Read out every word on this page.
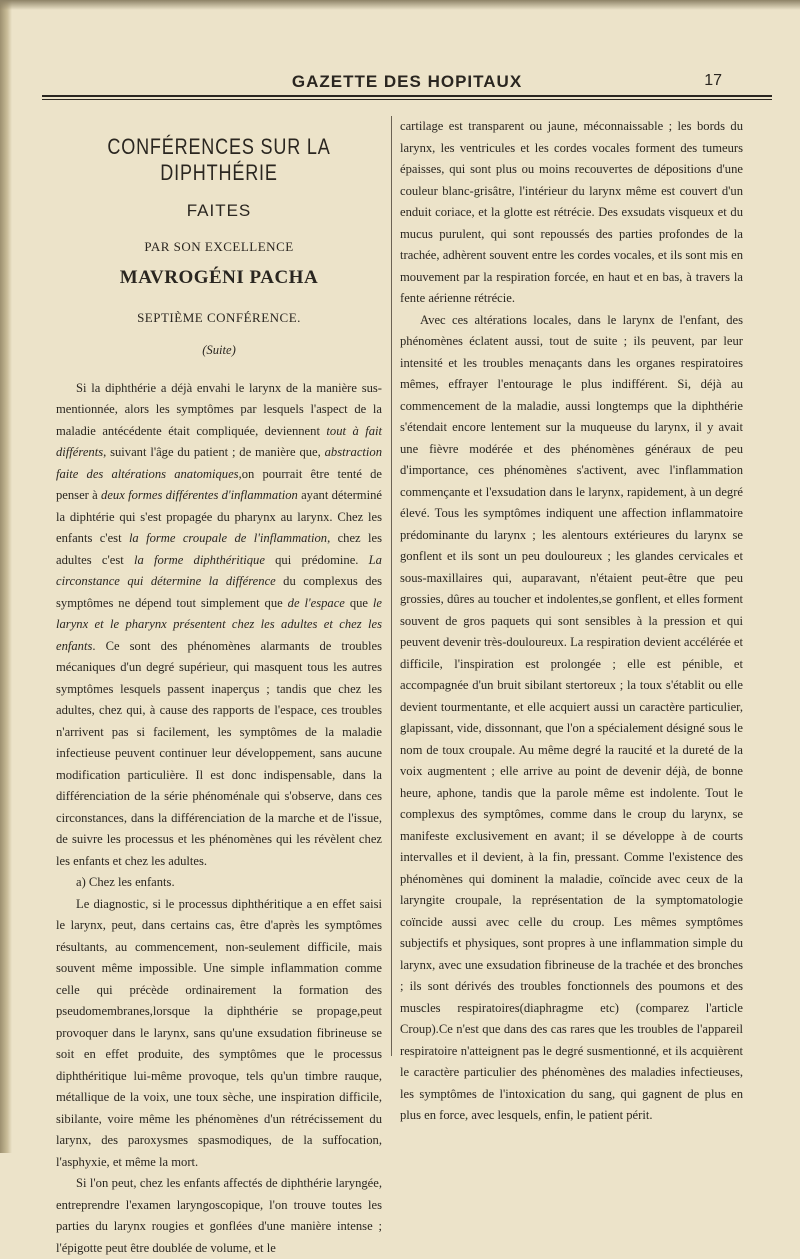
GAZETTE DES HOPITAUX	17
CONFÉRENCES SUR LA DIPHTHÉRIE
FAITES
PAR SON EXCELLENCE
MAVROGÉNI PACHA
SEPTIÈME CONFÉRENCE.
(Suite)

Si la diphthérie a déjà envahi le larynx de la manière sus-mentionnée, alors les symptômes par lesquels l'aspect de la maladie antécédente était compliquée, deviennent tout à fait différents, suivant l'âge du patient ; de manière que, abstraction faite des altérations anatomiques,on pourrait être tenté de penser à deux formes différentes d'inflammation ayant déterminé la diphtérie qui s'est propagée du pharynx au larynx. Chez les enfants c'est la forme croupale de l'inflammation, chez les adultes c'est la forme diphthéritique qui prédomine. La circonstance qui détermine la différence du complexus des symptômes ne dépend tout simplement que de l'espace que le larynx et le pharynx présentent chez les adultes et chez les enfants. Ce sont des phénomènes alarmants de troubles mécaniques d'un degré supérieur, qui masquent tous les autres symptômes lesquels passent inaperçus ; tandis que chez les adultes, chez qui, à cause des rapports de l'espace, ces troubles n'arrivent pas si facilement, les symptômes de la maladie infectieuse peuvent continuer leur développement, sans aucune modification particulière. Il est donc indispensable, dans la différenciation de la série phénoménale qui s'observe, dans ces circonstances, dans la différenciation de la marche et de l'issue, de suivre les processus et les phénomènes qui les révèlent chez les enfants et chez les adultes.

a) Chez les enfants.

Le diagnostic, si le processus diphthéritique a en effet saisi le larynx, peut, dans certains cas, être d'après les symptômes résultants, au commencement, non-seulement difficile, mais souvent même impossible. Une simple inflammation comme celle qui précède ordinairement la formation des pseudomembranes,lorsque la diphthérie se propage,peut provoquer dans le larynx, sans qu'une exsudation fibrineuse se soit en effet produite, des symptômes que le processus diphthéritique lui-même provoque, tels qu'un timbre rauque, métallique de la voix, une toux sèche, une inspiration difficile, sibilante, voire même les phénomènes d'un rétrécissement du larynx, des paroxysmes spasmodiques, de la suffocation, l'asphyxie, et même la mort.

Si l'on peut, chez les enfants affectés de diphthérie laryngée, entreprendre l'examen laryngoscopique, l'on trouve toutes les parties du larynx rougies et gonflées d'une manière intense ; l'épigotte peut être doublée de volume, et le

cartilage est transparent ou jaune, méconnaissable ; les bords du larynx, les ventricules et les cordes vocales forment des tumeurs épaisses, qui sont plus ou moins recouvertes de dépositions d'une couleur blanc-grisâtre, l'intérieur du larynx même est couvert d'un enduit coriace, et la glotte est rétrécie. Des exsudats visqueux et du mucus purulent, qui sont repoussés des parties profondes de la trachée, adhèrent souvent entre les cordes vocales, et ils sont mis en mouvement par la respiration forcée, en haut et en bas, à travers la fente aérienne rétrécie.

Avec ces altérations locales, dans le larynx de l'enfant, des phénomènes éclatent aussi, tout de suite ; ils peuvent, par leur intensité et les troubles menaçants dans les organes respiratoires mêmes, effrayer l'entourage le plus indifférent. Si, déjà au commencement de la maladie, aussi longtemps que la diphthérie s'étendait encore lentement sur la muqueuse du larynx, il y avait une fièvre modérée et des phénomènes généraux de peu d'importance, ces phénomènes s'activent, avec l'inflammation commençante et l'exsudation dans le larynx, rapidement, à un degré élevé. Tous les symptômes indiquent une affection inflammatoire prédominante du larynx ; les alentours extérieures du larynx se gonflent et ils sont un peu douloureux ; les glandes cervicales et sous-maxillaires qui, auparavant, n'étaient peut-être que peu grossies, dûres au toucher et indolentes,se gonflent, et elles forment souvent de gros paquets qui sont sensibles à la pression et qui peuvent devenir très-douloureux. La respiration devient accélérée et difficile, l'inspiration est prolongée ; elle est pénible, et accompagnée d'un bruit sibilant stertoreux ; la toux s'établit ou elle devient tourmentante, et elle acquiert aussi un caractère particulier, glapissant, vide, dissonnant, que l'on a spécialement désigné sous le nom de toux croupale. Au même degré la raucité et la dureté de la voix augmentent ; elle arrive au point de devenir déjà, de bonne heure, aphone, tandis que la parole même est indolente. Tout le complexus des symptômes, comme dans le croup du larynx, se manifeste exclusivement en avant; il se développe à de courts intervalles et il devient, à la fin, pressant. Comme l'existence des phénomènes qui dominent la maladie, coïncide avec ceux de la laryngite croupale, la représentation de la symptomatologie coïncide aussi avec celle du croup. Les mêmes symptômes subjectifs et physiques, sont propres à une inflammation simple du larynx, avec une exsudation fibrineuse de la trachée et des bronches ; ils sont dérivés des troubles fonctionnels des poumons et des muscles respiratoires(diaphragme etc) (comparez l'article Croup).Ce n'est que dans des cas rares que les troubles de l'appareil respiratoire n'atteignent pas le degré susmentionné, et ils acquièrent le caractère particulier des phénomènes des maladies infectieuses, les symptômes de l'intoxication du sang, qui gagnent de plus en plus en force, avec lesquels, enfin, le patient périt.
